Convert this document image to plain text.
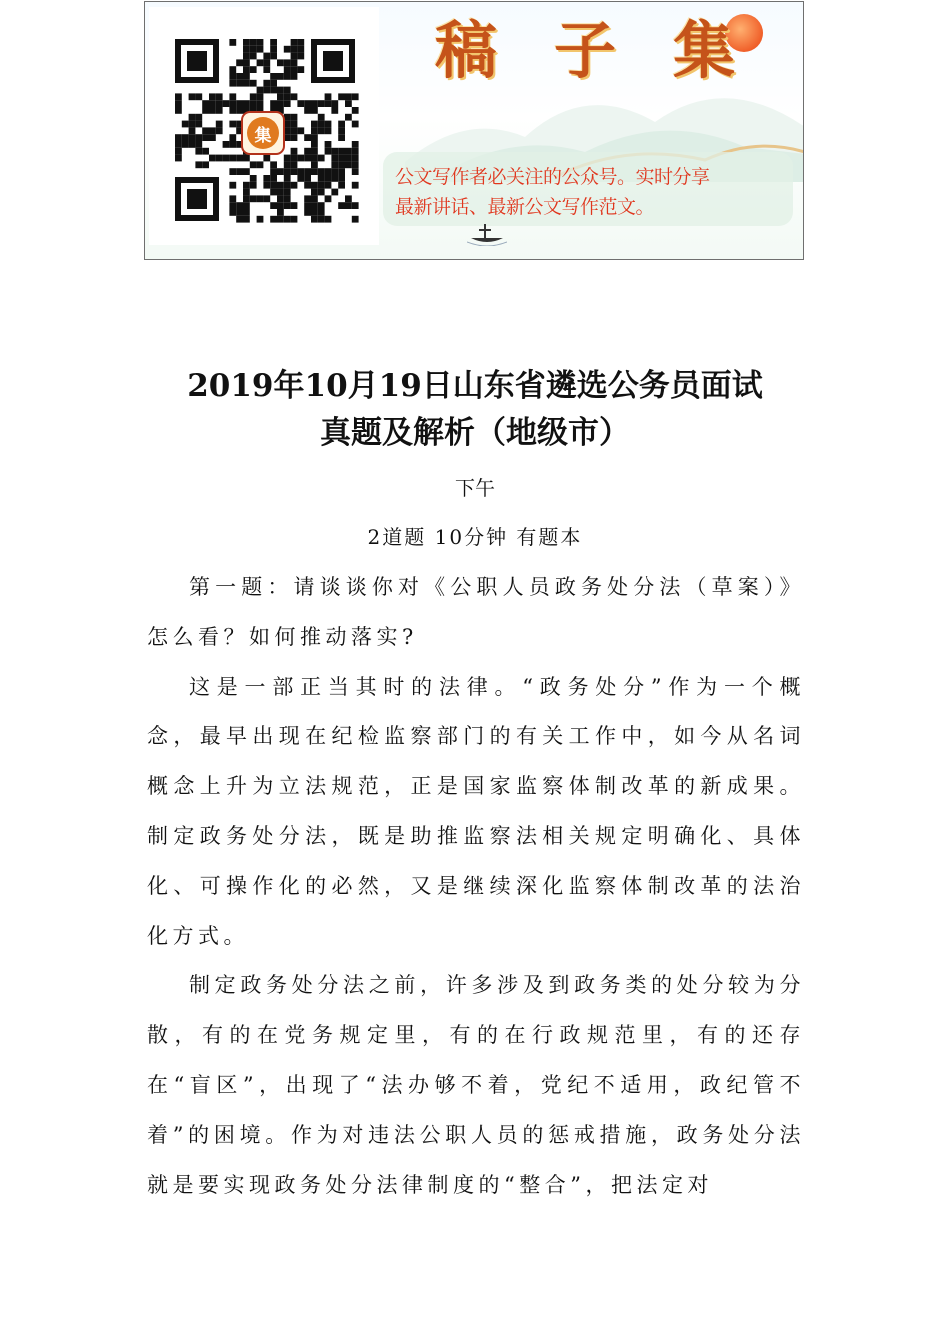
集
稿 子 集
公文写作者必关注的公众号。实时分享
最新讲话、最新公文写作范文。
2019年10月19日山东省遴选公务员面试
真题及解析（地级市）
下午
2道题 10分钟 有题本

第一题：请谈谈你对《公职人员政务处分法（草案）》怎么看？如何推动落实?

这是一部正当其时的法律。“政务处分”作为一个概念，最早出现在纪检监察部门的有关工作中，如今从名词概念上升为立法规范，正是国家监察体制改革的新成果。制定政务处分法，既是助推监察法相关规定明确化、具体化、可操作化的必然，又是继续深化监察体制改革的法治化方式。

制定政务处分法之前，许多涉及到政务类的处分较为分散，有的在党务规定里，有的在行政规范里，有的还存在“盲区”，出现了“法办够不着，党纪不适用，政纪管不着”的困境。作为对违法公职人员的惩戒措施，政务处分法就是要实现政务处分法律制度的“整合”，把法定对
